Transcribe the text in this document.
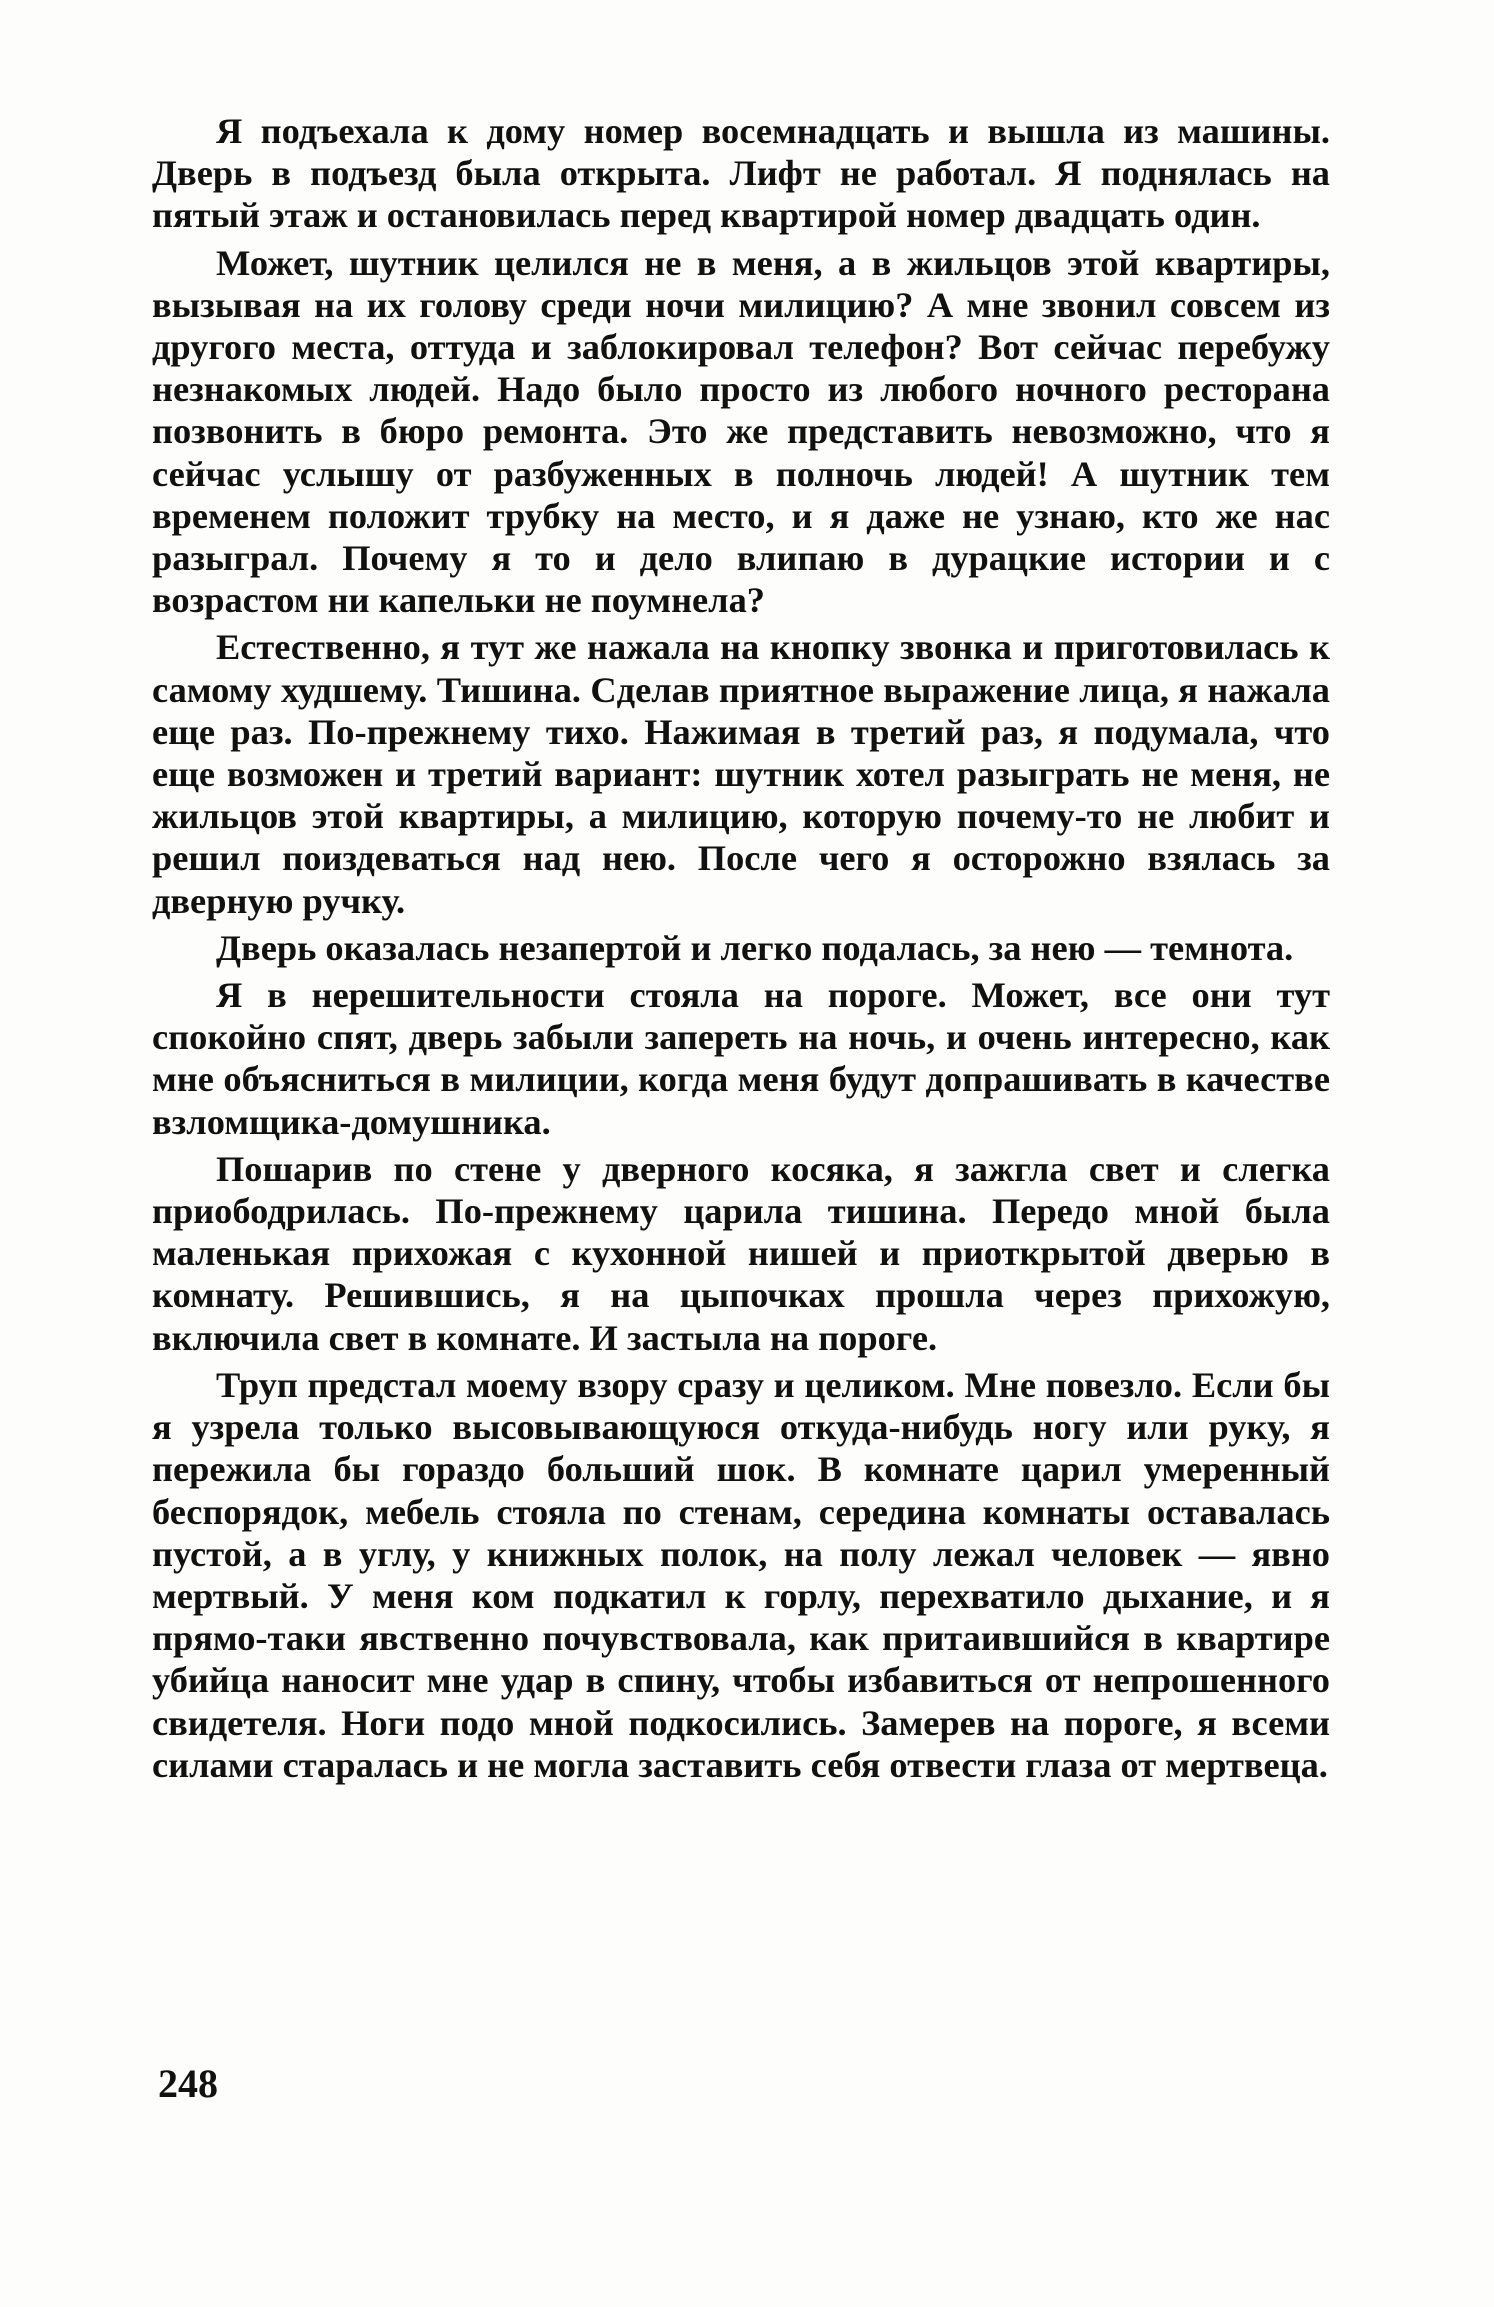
Я подъехала к дому номер восемнадцать и вышла из машины. Дверь в подъезд была открыта. Лифт не работал. Я поднялась на пятый этаж и остановилась перед квартирой номер двадцать один.

Может, шутник целился не в меня, а в жильцов этой квартиры, вызывая на их голову среди ночи милицию? А мне звонил совсем из другого места, оттуда и заблокировал телефон? Вот сейчас перебужу незнакомых людей. Надо было просто из любого ночного ресторана позвонить в бюро ремонта. Это же представить невозможно, что я сейчас услышу от разбуженных в полночь людей! А шутник тем временем положит трубку на место, и я даже не узнаю, кто же нас разыграл. Почему я то и дело влипаю в дурацкие истории и с возрастом ни капельки не поумнела?

Естественно, я тут же нажала на кнопку звонка и приготовилась к самому худшему. Тишина. Сделав приятное выражение лица, я нажала еще раз. По-прежнему тихо. Нажимая в третий раз, я подумала, что еще возможен и третий вариант: шутник хотел разыграть не меня, не жильцов этой квартиры, а милицию, которую почему-то не любит и решил поиздеваться над нею. После чего я осторожно взялась за дверную ручку.

Дверь оказалась незапертой и легко подалась, за нею — темнота.

Я в нерешительности стояла на пороге. Может, все они тут спокойно спят, дверь забыли запереть на ночь, и очень интересно, как мне объясниться в милиции, когда меня будут допрашивать в качестве взломщика-домушника.

Пошарив по стене у дверного косяка, я зажгла свет и слегка приободрилась. По-прежнему царила тишина. Передо мной была маленькая прихожая с кухонной нишей и приоткрытой дверью в комнату. Решившись, я на цыпочках прошла через прихожую, включила свет в комнате. И застыла на пороге.

Труп предстал моему взору сразу и целиком. Мне повезло. Если бы я узрела только высовывающуюся откуда-нибудь ногу или руку, я пережила бы гораздо больший шок. В комнате царил умеренный беспорядок, мебель стояла по стенам, середина комнаты оставалась пустой, а в углу, у книжных полок, на полу лежал человек — явно мертвый. У меня ком подкатил к горлу, перехватило дыхание, и я прямо-таки явственно почувствовала, как притаившийся в квартире убийца наносит мне удар в спину, чтобы избавиться от непрошенного свидетеля. Ноги подо мной подкосились. Замерев на пороге, я всеми силами старалась и не могла заставить себя отвести глаза от мертвеца.

248
